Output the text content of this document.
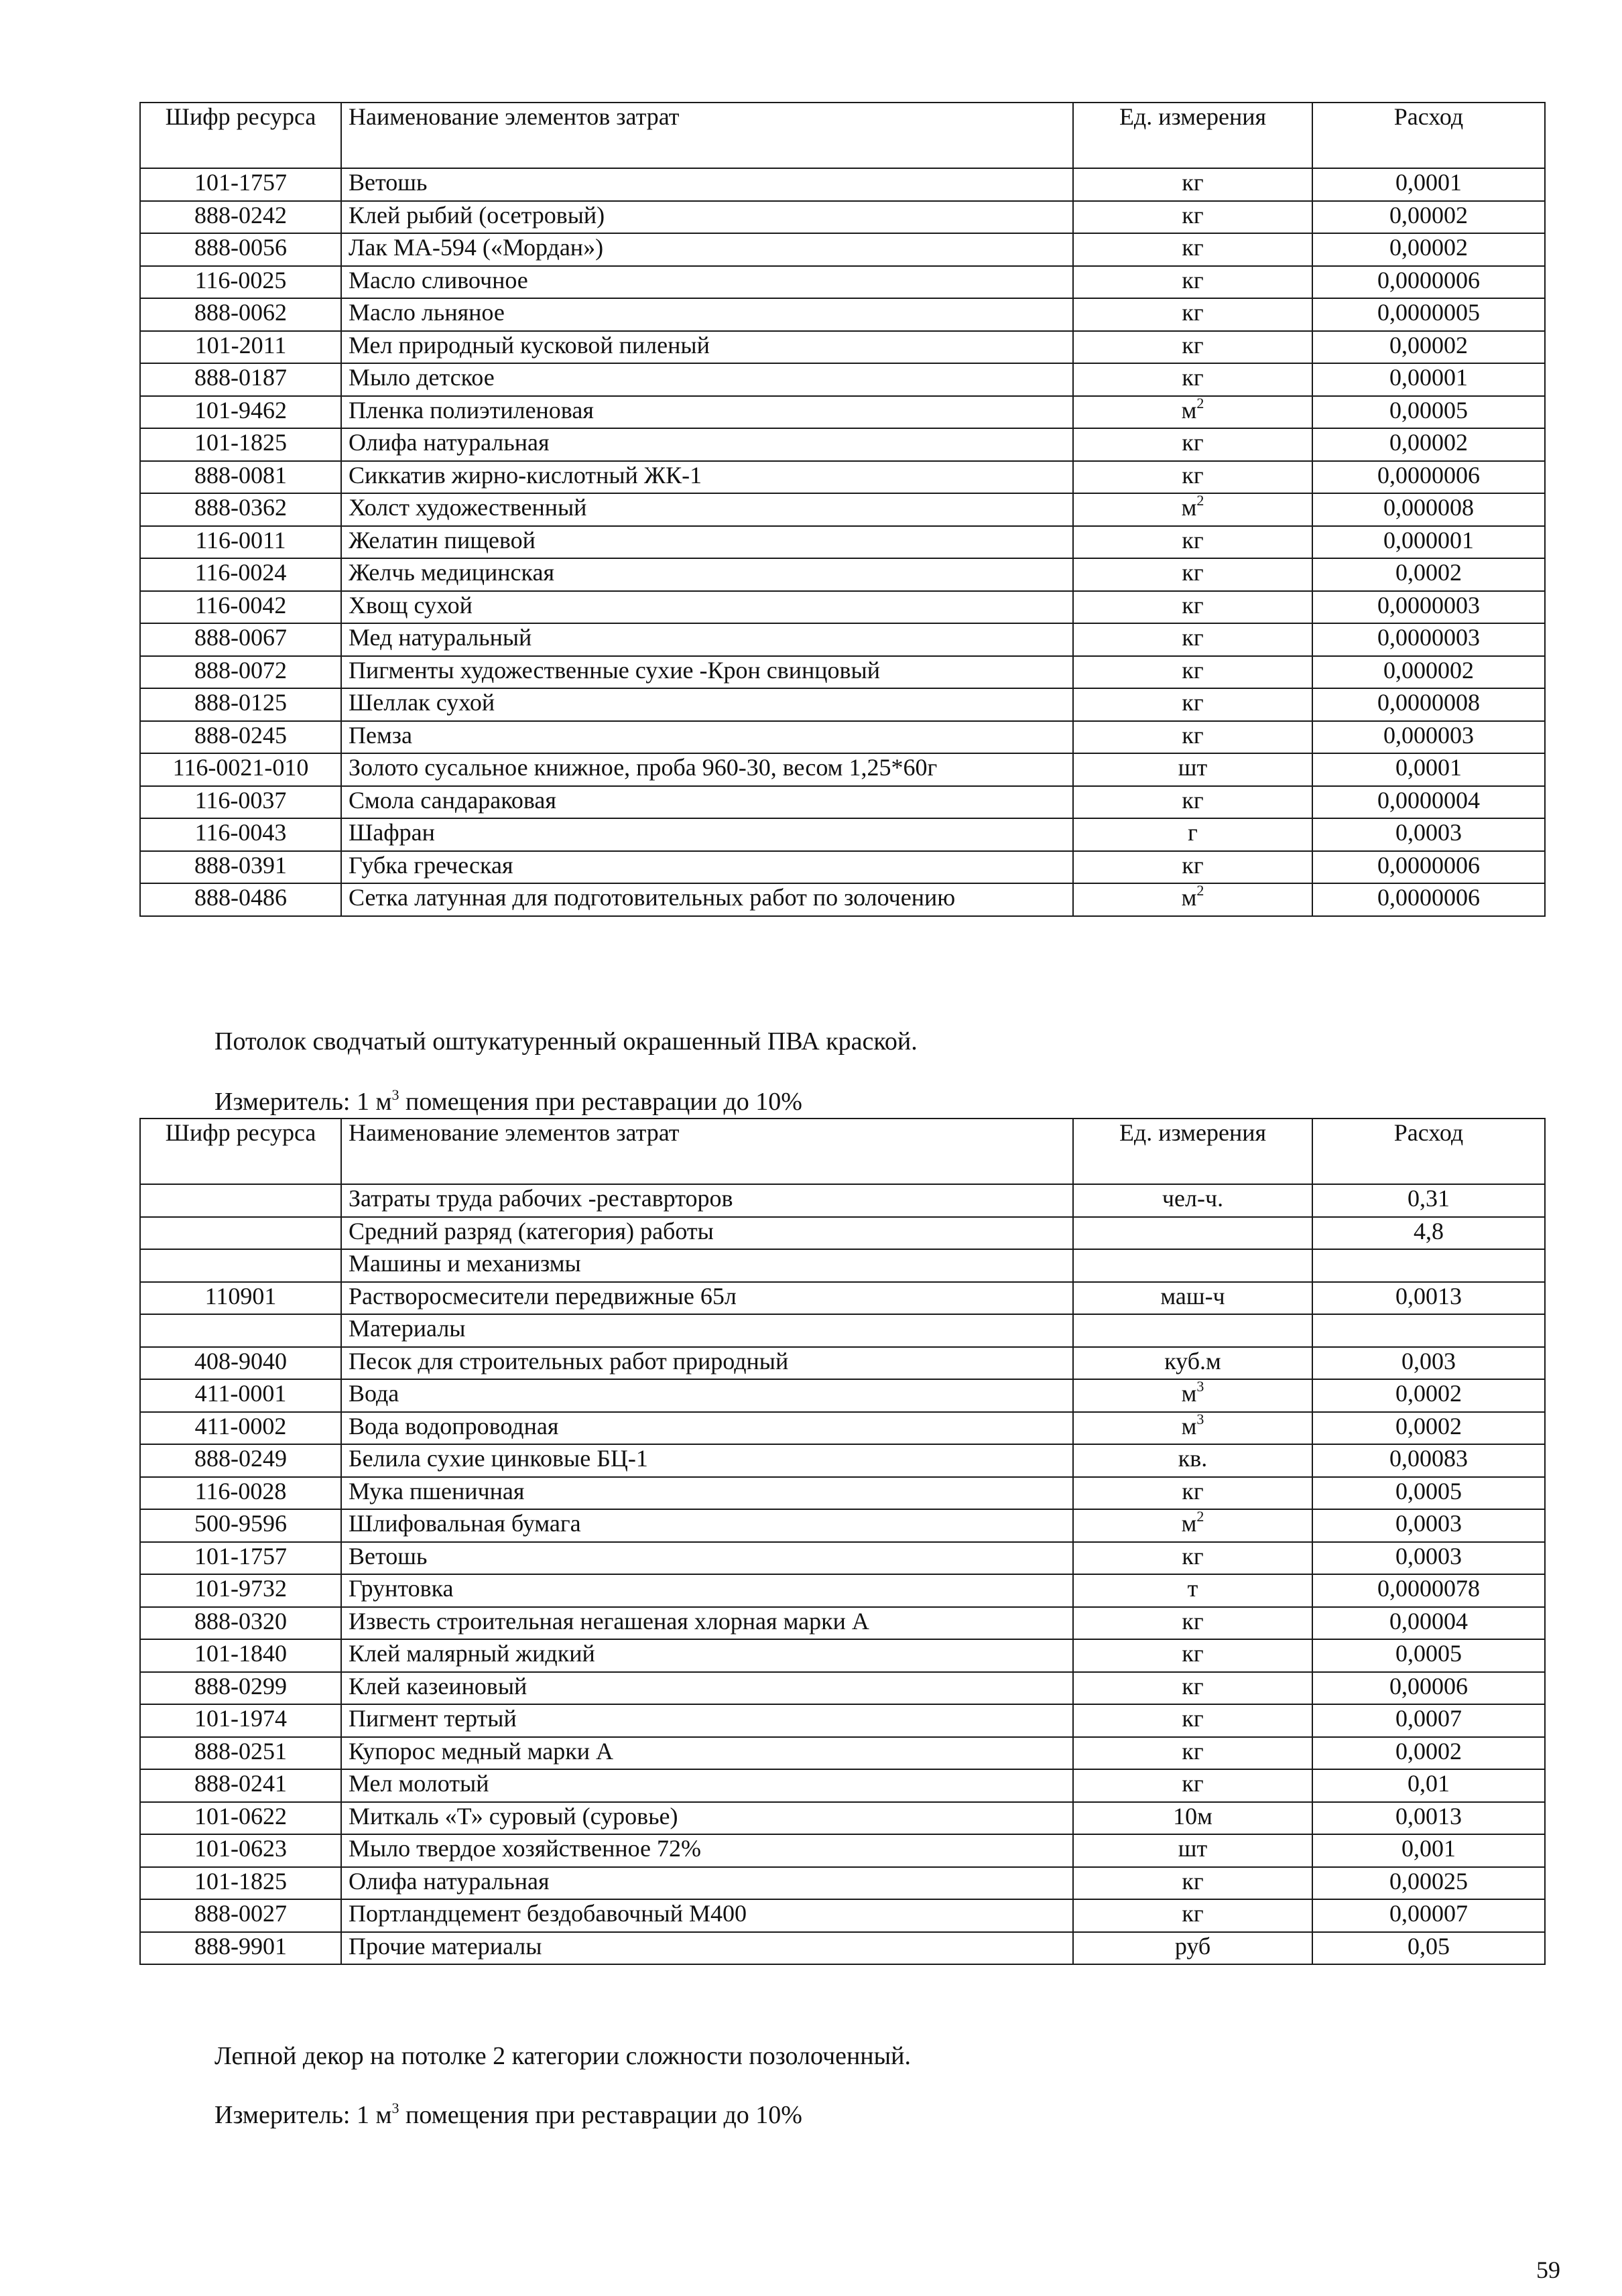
Шифр ресурса	Наименование элементов затрат	Ед. измерения	Расход
101-1757	Ветошь	кг	0,0001
888-0242	Клей рыбий (осетровый)	кг	0,00002
888-0056	Лак МА-594 («Мордан»)	кг	0,00002
116-0025	Масло сливочное	кг	0,0000006
888-0062	Масло льняное	кг	0,0000005
101-2011	Мел природный кусковой пиленый	кг	0,00002
888-0187	Мыло детское	кг	0,00001
101-9462	Пленка полиэтиленовая	$м^2$	0,00005
101-1825	Олифа натуральная	кг	0,00002
888-0081	Сиккатив жирно-кислотный ЖК-1	кг	0,0000006
888-0362	Холст художественный	$м^2$	0,000008
116-0011	Желатин пищевой	кг	0,000001
116-0024	Желчь медицинская	кг	0,0002
116-0042	Хвощ сухой	кг	0,0000003
888-0067	Мед натуральный	кг	0,0000003
888-0072	Пигменты художественные сухие -Крон свинцовый	кг	0,000002
888-0125	Шеллак сухой	кг	0,0000008
888-0245	Пемза	кг	0,000003
116-0021-010	Золото сусальное книжное, проба 960-30, весом 1,25*60г	шт	0,0001
116-0037	Смола сандараковая	кг	0,0000004
116-0043	Шафран	г	0,0003
888-0391	Губка греческая	кг	0,0000006
888-0486	Сетка латунная для подготовительных работ по золочению	$м^2$	0,0000006
Потолок сводчатый оштукатуренный окрашенный ПВА краской.
Измеритель: 1 $м^3$ помещения при реставрации до 10%
Шифр ресурса	Наименование элементов затрат	Ед. измерения	Расход
	Затраты труда рабочих -реставрторов	чел-ч.	0,31
	Средний разряд (категория) работы		4,8
	Машины и механизмы		
110901	Растворосмесители передвижные 65л	маш-ч	0,0013
	Материалы		
408-9040	Песок для строительных работ природный	куб.м	0,003
411-0001	Вода	$м^3$	0,0002
411-0002	Вода водопроводная	$м^3$	0,0002
888-0249	Белила сухие цинковые БЦ-1	кв.	0,00083
116-0028	Мука пшеничная	кг	0,0005
500-9596	Шлифовальная бумага	$м^2$	0,0003
101-1757	Ветошь	кг	0,0003
101-9732	Грунтовка	т	0,0000078
888-0320	Известь строительная негашеная хлорная марки А	кг	0,00004
101-1840	Клей малярный жидкий	кг	0,0005
888-0299	Клей казеиновый	кг	0,00006
101-1974	Пигмент тертый	кг	0,0007
888-0251	Купорос медный марки А	кг	0,0002
888-0241	Мел молотый	кг	0,01
101-0622	Миткаль «Т» суровый (суровье)	10м	0,0013
101-0623	Мыло твердое хозяйственное 72%	шт	0,001
101-1825	Олифа натуральная	кг	0,00025
888-0027	Портландцемент бездобавочный М400	кг	0,00007
888-9901	Прочие материалы	руб	0,05
Лепной декор на потолке 2 категории сложности позолоченный.
Измеритель: 1 $м^3$ помещения при реставрации до 10%
59
